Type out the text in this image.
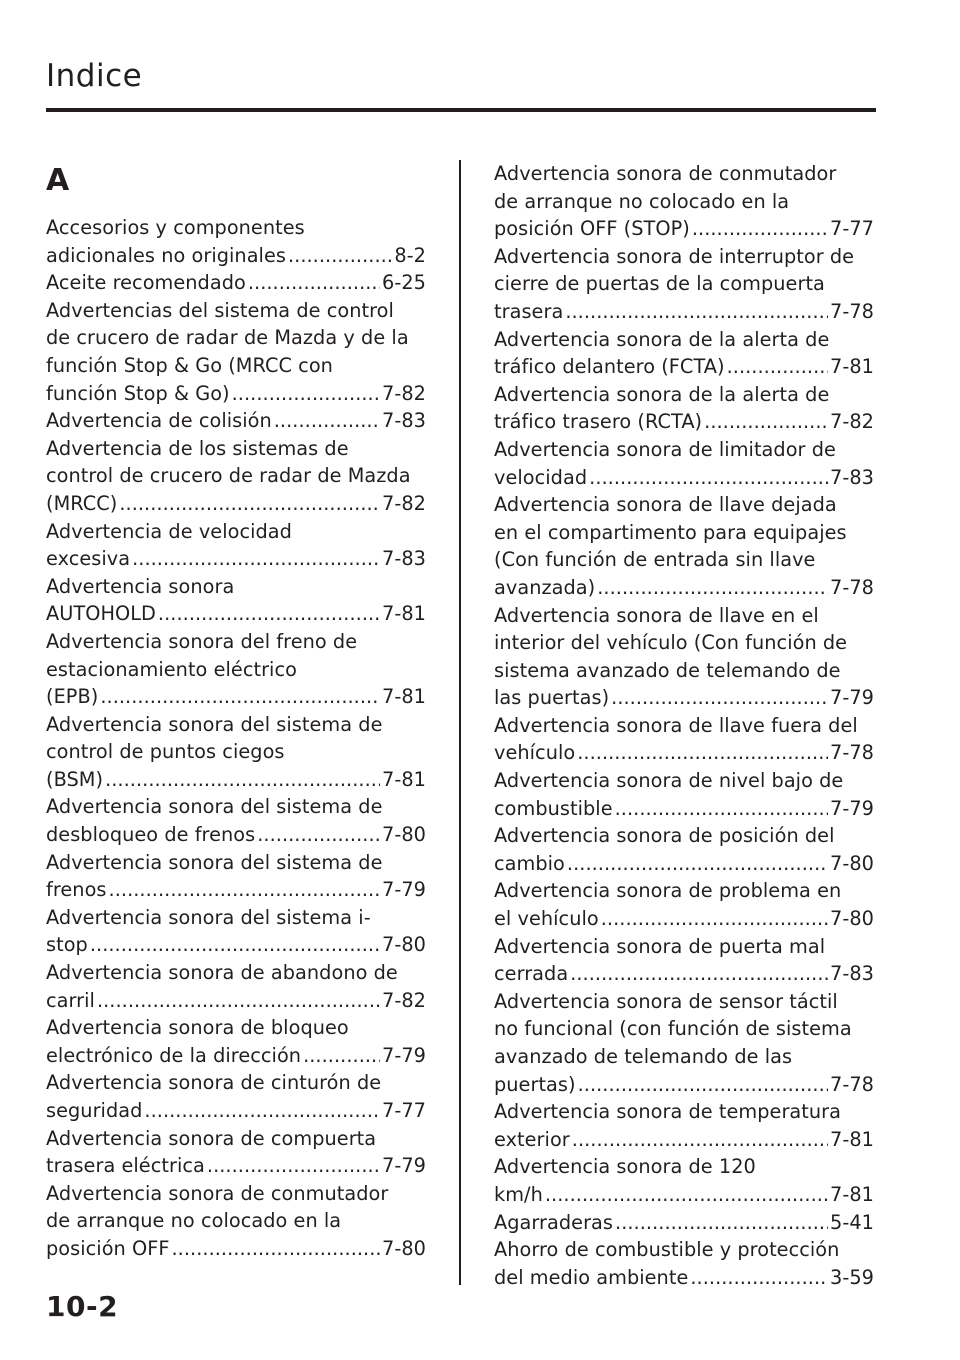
Indice
A
Accesorios y componentes
adicionales no originales .....	8-2
Aceite recomendado .....	6-25
Advertencias del sistema de control
de crucero de radar de Mazda y de la
función Stop & Go (MRCC con
función Stop & Go) .....	7-82
Advertencia de colisión .....	7-83
Advertencia de los sistemas de
control de crucero de radar de Mazda
(MRCC) .....	7-82
Advertencia de velocidad
excesiva .....	7-83
Advertencia sonora
AUTOHOLD .....	7-81
Advertencia sonora del freno de
estacionamiento eléctrico
(EPB) .....	7-81
Advertencia sonora del sistema de
control de puntos ciegos
(BSM) .....	7-81
Advertencia sonora del sistema de
desbloqueo de frenos .....	7-80
Advertencia sonora del sistema de
frenos .....	7-79
Advertencia sonora del sistema i-
stop .....	7-80
Advertencia sonora de abandono de
carril .....	7-82
Advertencia sonora de bloqueo
electrónico de la dirección .....	7-79
Advertencia sonora de cinturón de
seguridad .....	7-77
Advertencia sonora de compuerta
trasera eléctrica .....	7-79
Advertencia sonora de conmutador
de arranque no colocado en la
posición OFF .....	7-80
Advertencia sonora de conmutador
de arranque no colocado en la
posición OFF (STOP) .....	7-77
Advertencia sonora de interruptor de
cierre de puertas de la compuerta
trasera .....	7-78
Advertencia sonora de la alerta de
tráfico delantero (FCTA) .....	7-81
Advertencia sonora de la alerta de
tráfico trasero (RCTA) .....	7-82
Advertencia sonora de limitador de
velocidad .....	7-83
Advertencia sonora de llave dejada
en el compartimento para equipajes
(Con función de entrada sin llave
avanzada) .....	7-78
Advertencia sonora de llave en el
interior del vehículo (Con función de
sistema avanzado de telemando de
las puertas) .....	7-79
Advertencia sonora de llave fuera del
vehículo .....	7-78
Advertencia sonora de nivel bajo de
combustible .....	7-79
Advertencia sonora de posición del
cambio .....	7-80
Advertencia sonora de problema en
el vehículo .....	7-80
Advertencia sonora de puerta mal
cerrada .....	7-83
Advertencia sonora de sensor táctil
no funcional (con función de sistema
avanzado de telemando de las
puertas) .....	7-78
Advertencia sonora de temperatura
exterior .....	7-81
Advertencia sonora de 120
km/h .....	7-81
Agarraderas .....	5-41
Ahorro de combustible y protección
del medio ambiente .....	3-59
10-2
